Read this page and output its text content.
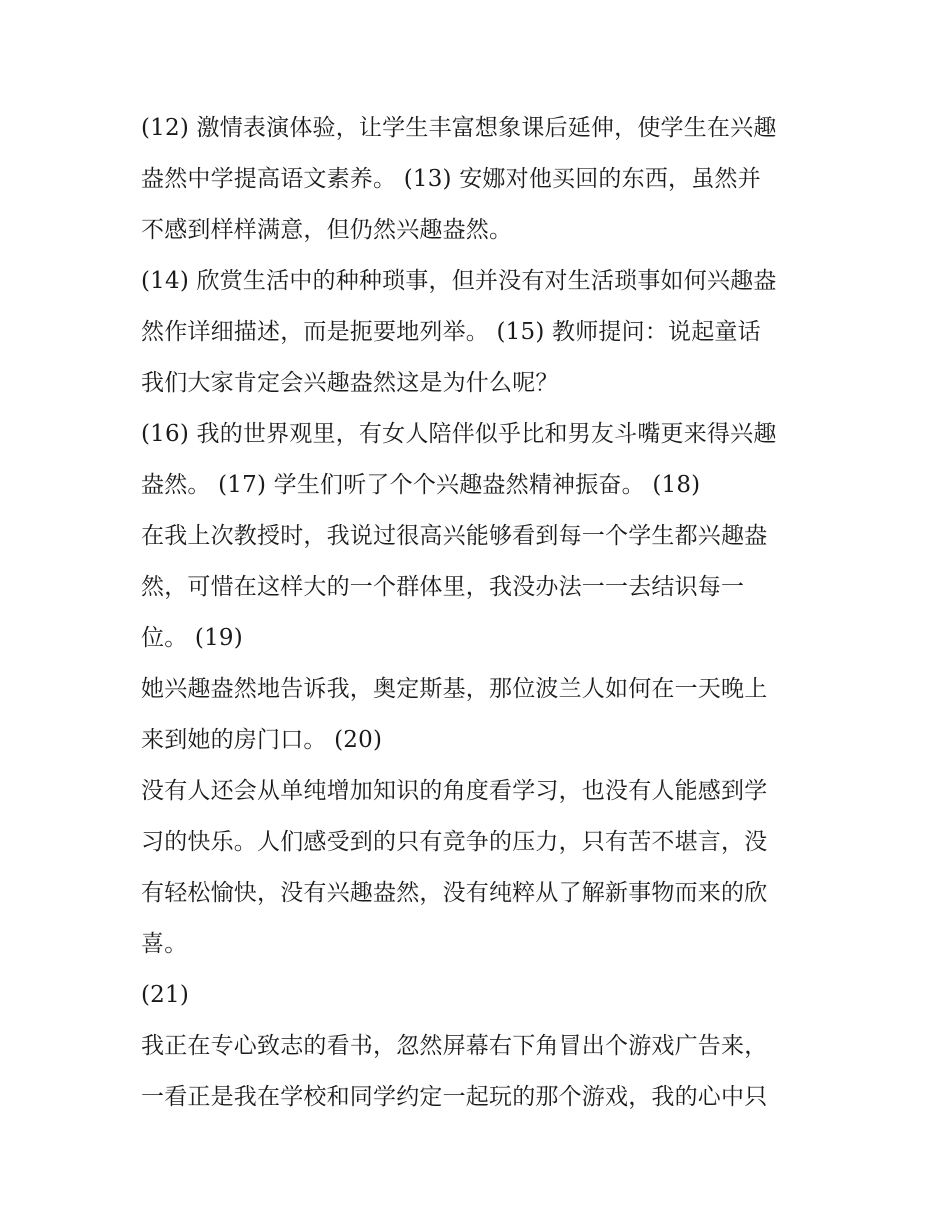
(12) 激情表演体验，让学生丰富想象课后延伸，使学生在兴趣
盎然中学提高语文素养。 (13) 安娜对他买回的东西，虽然并
不感到样样满意，但仍然兴趣盎然。
(14) 欣赏生活中的种种琐事，但并没有对生活琐事如何兴趣盎
然作详细描述，而是扼要地列举。 (15) 教师提问：说起童话
我们大家肯定会兴趣盎然这是为什么呢？
(16) 我的世界观里，有女人陪伴似乎比和男友斗嘴更来得兴趣
盎然。 (17) 学生们听了个个兴趣盎然精神振奋。 (18)
在我上次教授时，我说过很高兴能够看到每一个学生都兴趣盎
然，可惜在这样大的一个群体里，我没办法一一去结识每一
位。 (19)
她兴趣盎然地告诉我，奥定斯基，那位波兰人如何在一天晚上
来到她的房门口。 (20)
没有人还会从单纯增加知识的角度看学习，也没有人能感到学
习的快乐。人们感受到的只有竞争的压力，只有苦不堪言，没
有轻松愉快，没有兴趣盎然，没有纯粹从了解新事物而来的欣
喜。
(21)
我正在专心致志的看书，忽然屏幕右下角冒出个游戏广告来，
一看正是我在学校和同学约定一起玩的那个游戏，我的心中只
